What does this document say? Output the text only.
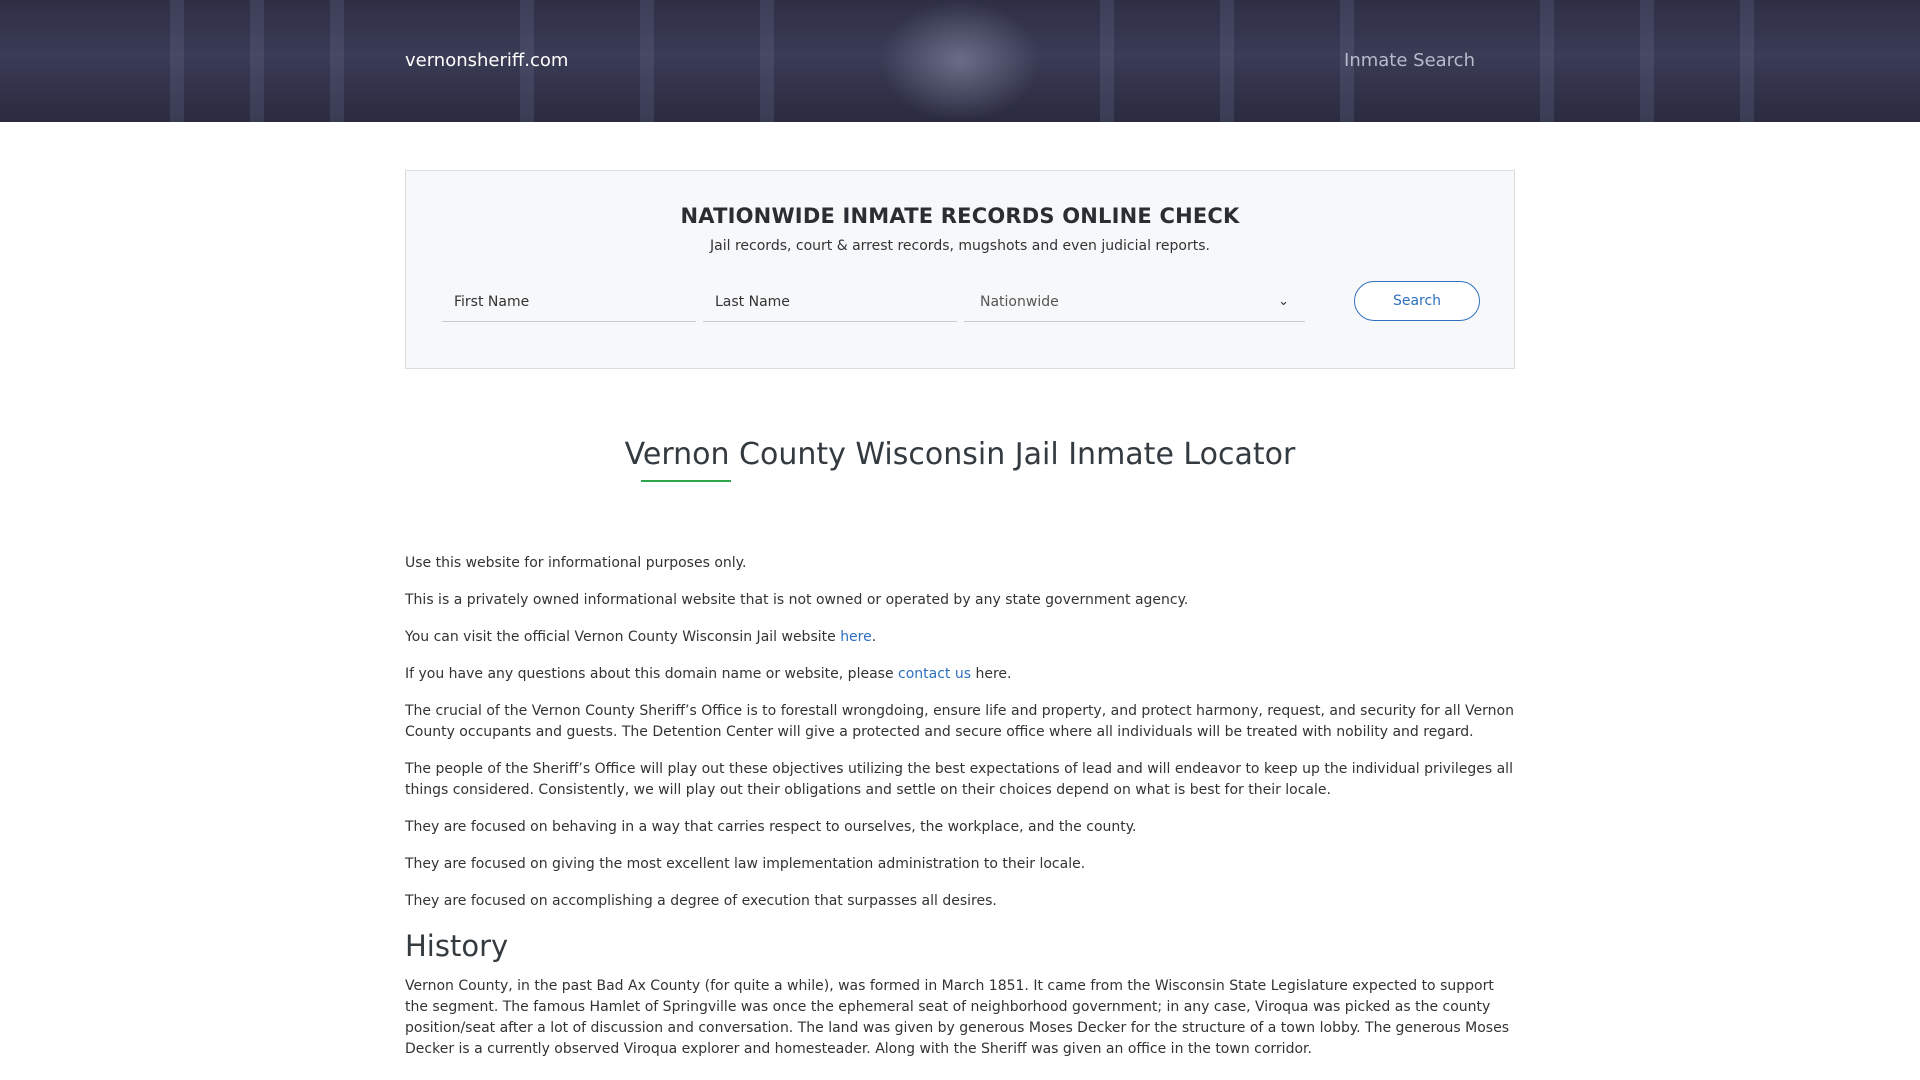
vernonsheriff.com	Inmate Search
NATIONWIDE INMATE RECORDS ONLINE CHECK
Jail records, court & arrest records, mugshots and even judicial reports.
First Name
Last Name
Nationwide	⌄	Search
Vernon County Wisconsin Jail Inmate Locator

Use this website for informational purposes only.

This is a privately owned informational website that is not owned or operated by any state government agency.

You can visit the official Vernon County Wisconsin Jail website here.

If you have any questions about this domain name or website, please contact us here.

The crucial of the Vernon County Sheriff’s Office is to forestall wrongdoing, ensure life and property, and protect harmony, request, and security for all Vernon County occupants and guests. The Detention Center will give a protected and secure office where all individuals will be treated with nobility and regard.

The people of the Sheriff’s Office will play out these objectives utilizing the best expectations of lead and will endeavor to keep up the individual privileges all things considered. Consistently, we will play out their obligations and settle on their choices depend on what is best for their locale.

They are focused on behaving in a way that carries respect to ourselves, the workplace, and the county.

They are focused on giving the most excellent law implementation administration to their locale.

They are focused on accomplishing a degree of execution that surpasses all desires.

History

Vernon County, in the past Bad Ax County (for quite a while), was formed in March 1851. It came from the Wisconsin State Legislature expected to support the segment. The famous Hamlet of Springville was once the ephemeral seat of neighborhood government; in any case, Viroqua was picked as the county position/seat after a lot of discussion and conversation. The land was given by generous Moses Decker for the structure of a town lobby. The generous Moses Decker is a currently observed Viroqua explorer and homesteader. Along with the Sheriff was given an office in the town corridor.
